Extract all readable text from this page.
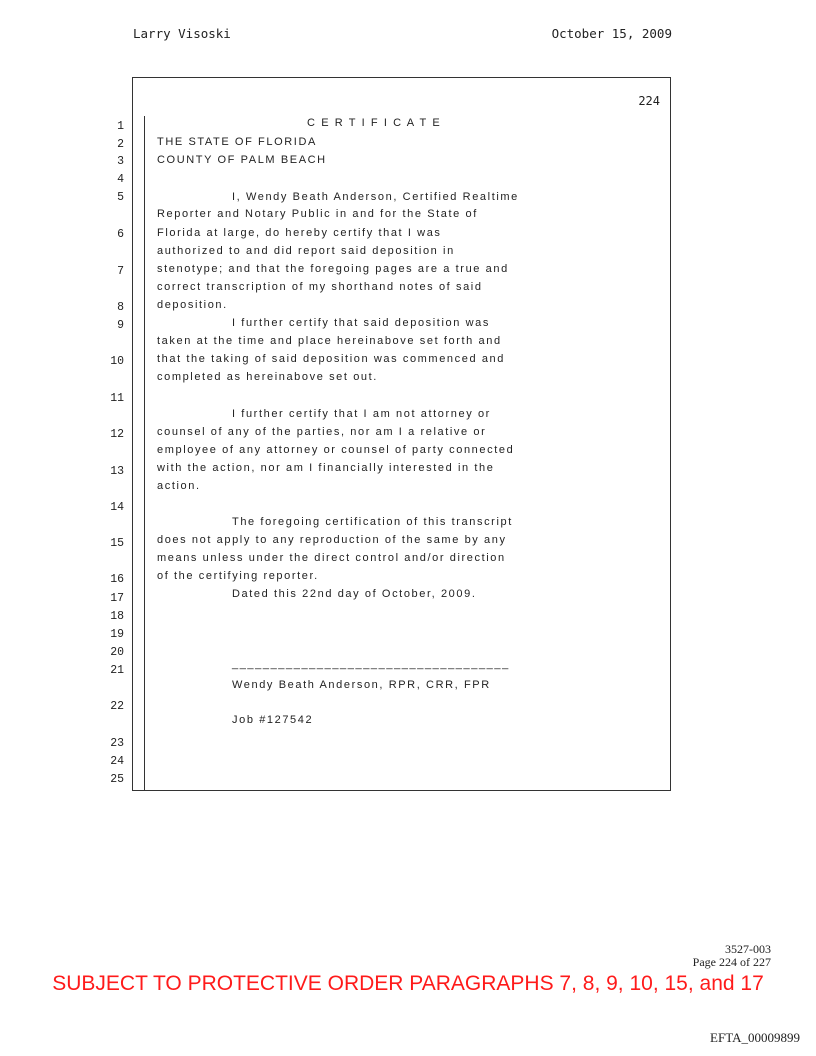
Larry Visoski	October 15, 2009
224
1
2
3
4
5
6
7
8
9
10
11
12
13
14
15
16
17
18
19
20
21
22
23
24
25
C E R T I F I C A T E
THE STATE OF FLORIDA
COUNTY OF PALM BEACH
I, Wendy Beath Anderson, Certified Realtime
Reporter and Notary Public in and for the State of
Florida at large, do hereby certify that I was
authorized to and did report said deposition in
stenotype; and that the foregoing pages are a true and
correct transcription of my shorthand notes of said
deposition.
I further certify that said deposition was
taken at the time and place hereinabove set forth and
that the taking of said deposition was commenced and
completed as hereinabove set out.
I further certify that I am not attorney or
counsel of any of the parties, nor am I a relative or
employee of any attorney or counsel of party connected
with the action, nor am I financially interested in the
action.
The foregoing certification of this transcript
does not apply to any reproduction of the same by any
means unless under the direct control and/or direction
of the certifying reporter.
Dated this 22nd day of October, 2009.
____________________________________
Wendy Beath Anderson, RPR, CRR, FPR
Job #127542
3527-003
Page 224 of 227
SUBJECT TO PROTECTIVE ORDER PARAGRAPHS 7, 8, 9, 10, 15, and 17
EFTA_00009899
